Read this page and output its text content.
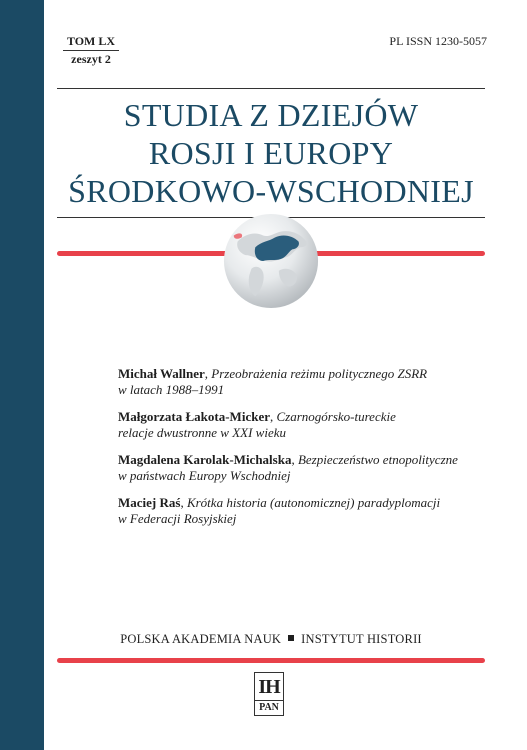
TOM LX
zeszyt 2
PL ISSN 1230-5057
STUDIA Z DZIEJÓW
ROSJI I EUROPY
ŚRODKOWO-WSCHODNIEJ
Michał Wallner, Przeobrażenia reżimu politycznego ZSRR
w latach 1988–1991
Małgorzata Łakota-Micker, Czarnogórsko-tureckie
relacje dwustronne w XXI wieku
Magdalena Karolak-Michalska, Bezpieczeństwo etnopolityczne
w państwach Europy Wschodniej
Maciej Raś, Krótka historia (autonomicznej) paradyplomacji
w Federacji Rosyjskiej
POLSKA AKADEMIA NAUK INSTYTUT HISTORII
IH
PAN
